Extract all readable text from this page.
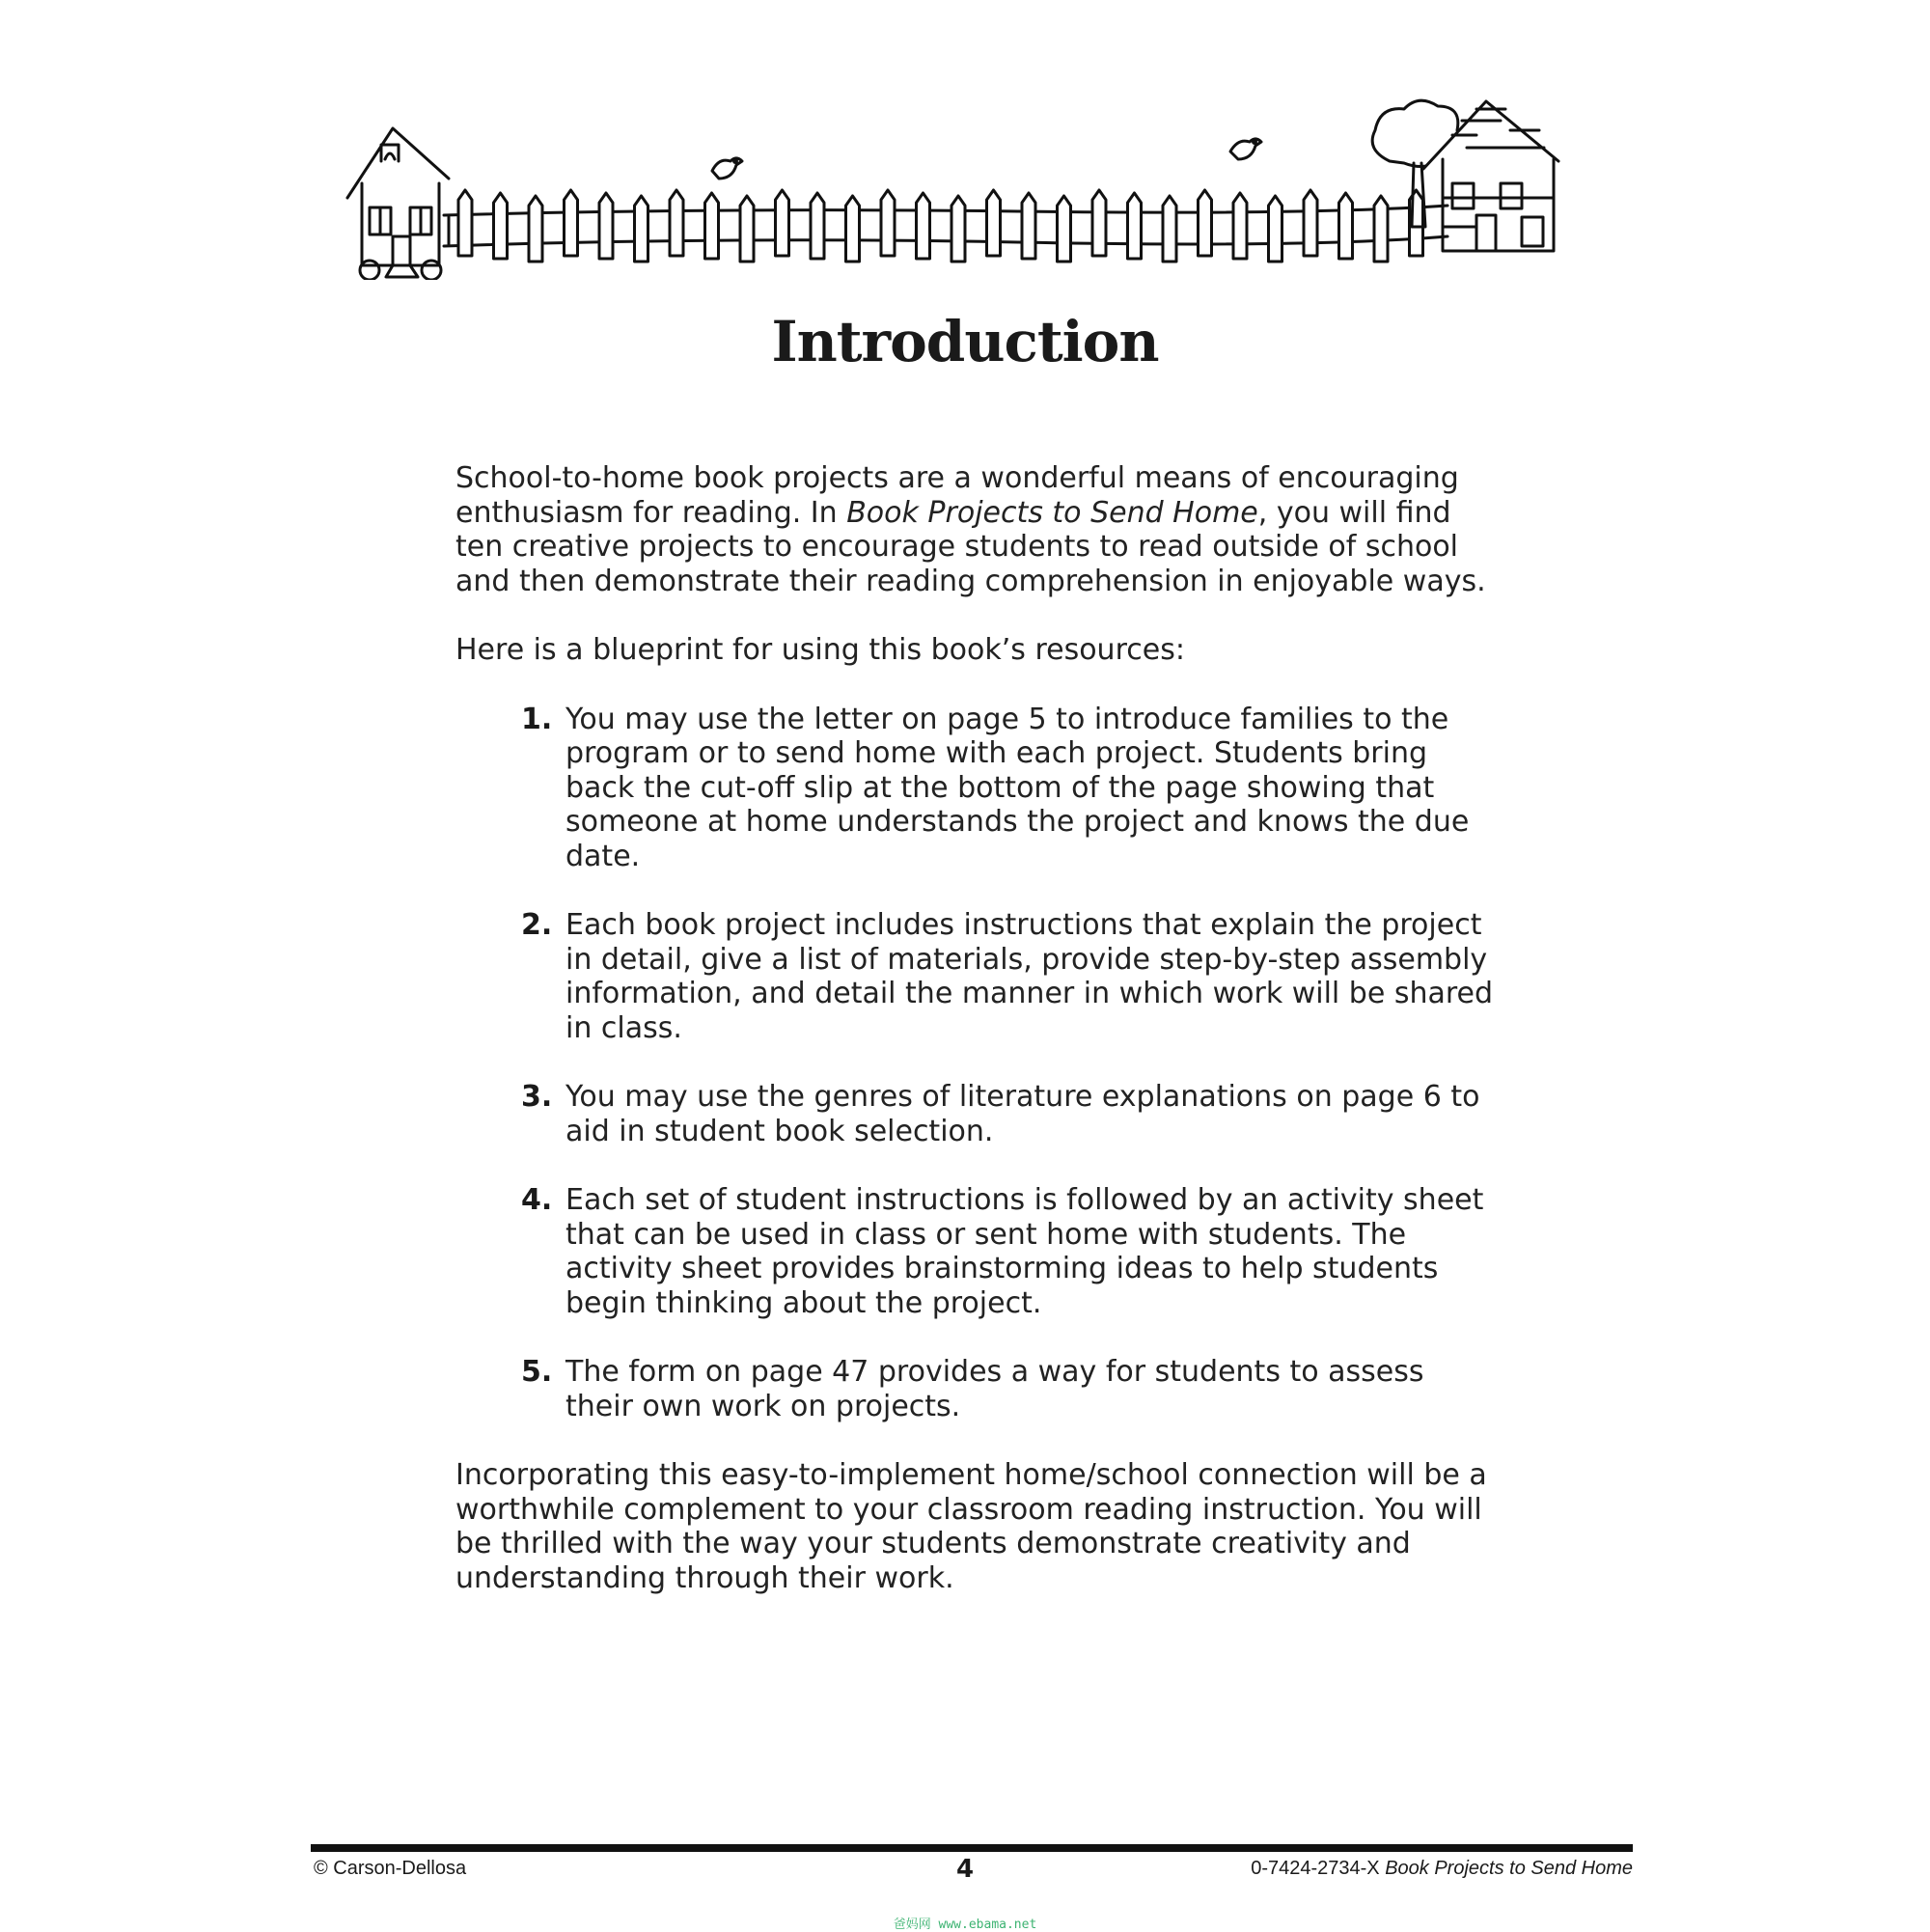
Introduction

School-to-home book projects are a wonderful means of encouraging enthusiasm for reading. In Book Projects to Send Home, you will find ten creative projects to encourage students to read outside of school and then demonstrate their reading comprehension in enjoyable ways.

Here is a blueprint for using this book’s resources:

1. You may use the letter on page 5 to introduce families to the program or to send home with each project. Students bring back the cut-off slip at the bottom of the page showing that someone at home understands the project and knows the due date.
2. Each book project includes instructions that explain the project in detail, give a list of materials, provide step-by-step assembly information, and detail the manner in which work will be shared in class.
3. You may use the genres of literature explanations on page 6 to aid in student book selection.
4. Each set of student instructions is followed by an activity sheet that can be used in class or sent home with students. The activity sheet provides brainstorming ideas to help students begin thinking about the project.
5. The form on page 47 provides a way for students to assess their own work on projects.

Incorporating this easy-to-implement home/school connection will be a worthwhile complement to your classroom reading instruction. You will be thrilled with the way your students demonstrate creativity and understanding through their work.

© Carson-Dellosa	4	0-7424-2734-X Book Projects to Send Home
爸妈网 www.ebama.net
